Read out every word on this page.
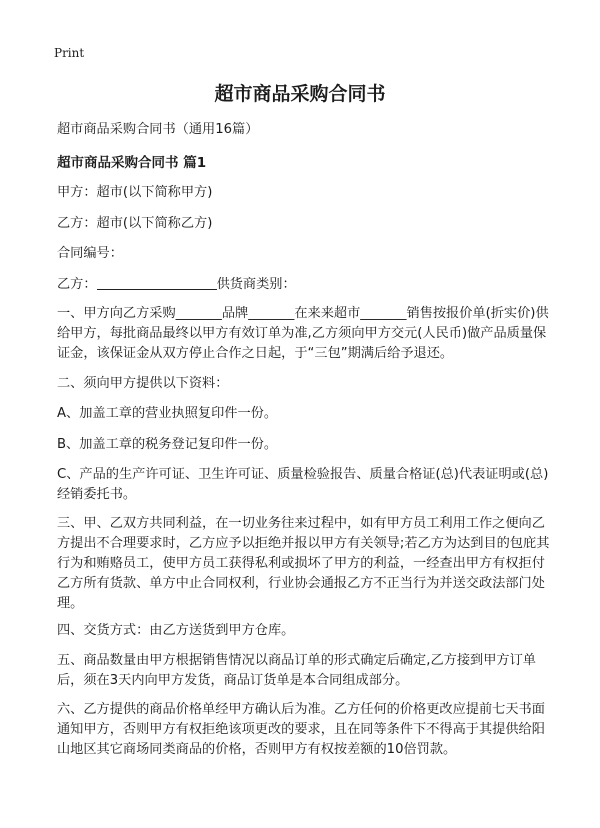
Print
超市商品采购合同书

超市商品采购合同书（通用16篇）

超市商品采购合同书 篇1

甲方：超市(以下简称甲方)

乙方：超市(以下简称乙方)

合同编号：

乙方：	供货商类别：

一、甲方向乙方采购_______品牌_______在来来超市_______销售按报价单(折实价)供给甲方，每批商品最终以甲方有效订单为准,乙方须向甲方交元(人民币)做产品质量保证金，该保证金从双方停止合作之日起，于“三包”期满后给予退还。

二、须向甲方提供以下资料：

A、加盖工章的营业执照复印件一份。

B、加盖工章的税务登记复印件一份。

C、产品的生产许可证、卫生许可证、质量检验报告、质量合格证(总)代表证明或(总)经销委托书。

三、甲、乙双方共同利益，在一切业务往来过程中，如有甲方员工利用工作之便向乙方提出不合理要求时，乙方应予以拒绝并报以甲方有关领导;若乙方为达到目的包庇其行为和贿赂员工，使甲方员工获得私利或损坏了甲方的利益，一经查出甲方有权拒付乙方所有货款、单方中止合同权利，行业协会通报乙方不正当行为并送交政法部门处理。

四、交货方式：由乙方送货到甲方仓库。

五、商品数量由甲方根据销售情况以商品订单的形式确定后确定,乙方接到甲方订单后，须在3天内向甲方发货，商品订货单是本合同组成部分。

六、乙方提供的商品价格单经甲方确认后为准。乙方任何的价格更改应提前七天书面通知甲方，否则甲方有权拒绝该项更改的要求，且在同等条件下不得高于其提供给阳山地区其它商场同类商品的价格，否则甲方有权按差额的10倍罚款。
